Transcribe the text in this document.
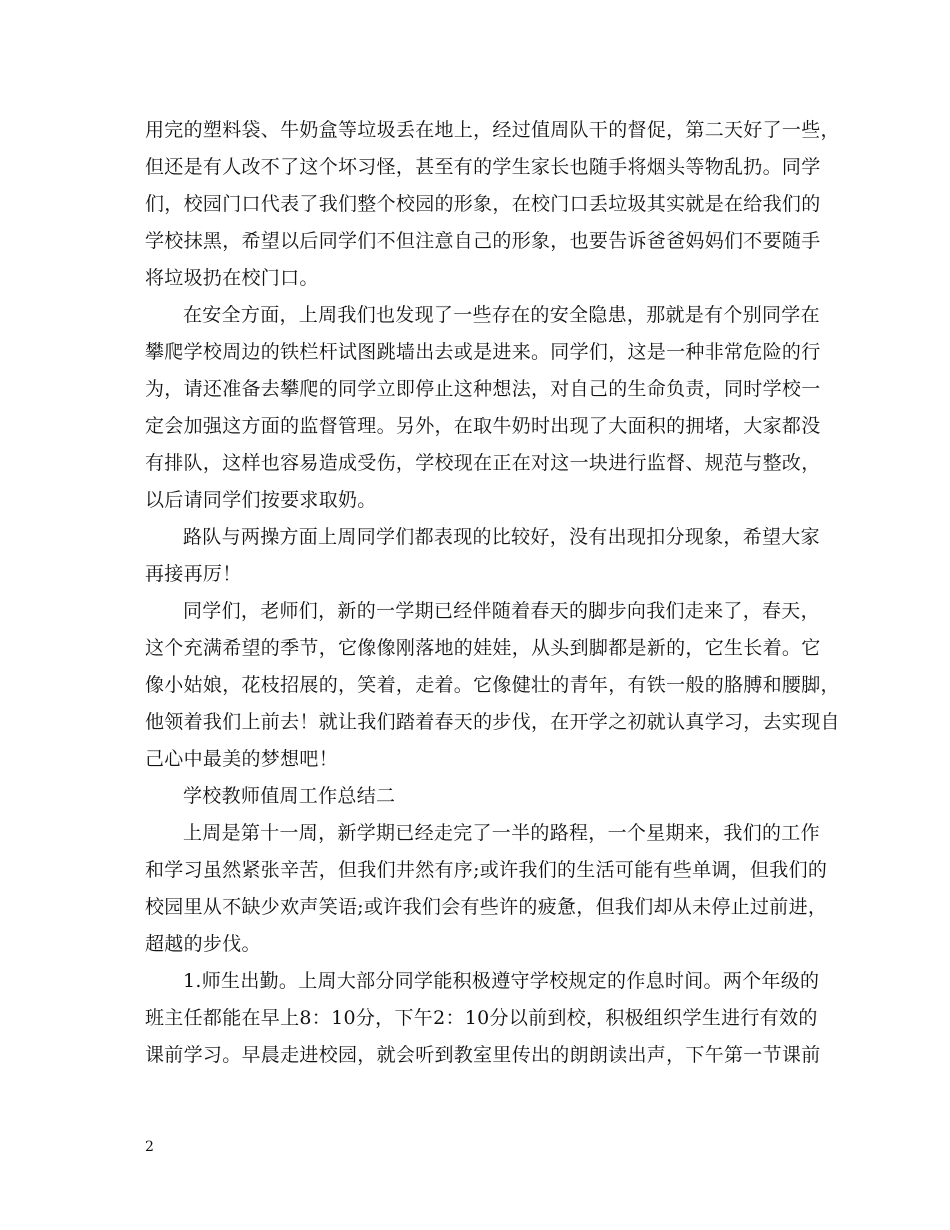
用完的塑料袋、牛奶盒等垃圾丢在地上，经过值周队干的督促，第二天好了一些，
但还是有人改不了这个坏习怪，甚至有的学生家长也随手将烟头等物乱扔。同学
们，校园门口代表了我们整个校园的形象，在校门口丢垃圾其实就是在给我们的
学校抹黑，希望以后同学们不但注意自己的形象，也要告诉爸爸妈妈们不要随手
将垃圾扔在校门口。
在安全方面，上周我们也发现了一些存在的安全隐患，那就是有个别同学在
攀爬学校周边的铁栏杆试图跳墙出去或是进来。同学们，这是一种非常危险的行
为，请还准备去攀爬的同学立即停止这种想法，对自己的生命负责，同时学校一
定会加强这方面的监督管理。另外，在取牛奶时出现了大面积的拥堵，大家都没
有排队，这样也容易造成受伤，学校现在正在对这一块进行监督、规范与整改，
以后请同学们按要求取奶。
路队与两操方面上周同学们都表现的比较好，没有出现扣分现象，希望大家
再接再厉！
同学们，老师们，新的一学期已经伴随着春天的脚步向我们走来了，春天，
这个充满希望的季节，它像像刚落地的娃娃，从头到脚都是新的，它生长着。它
像小姑娘，花枝招展的，笑着，走着。它像健壮的青年，有铁一般的胳膊和腰脚，
他领着我们上前去！就让我们踏着春天的步伐，在开学之初就认真学习，去实现自
己心中最美的梦想吧！
学校教师值周工作总结二
上周是第十一周，新学期已经走完了一半的路程，一个星期来，我们的工作
和学习虽然紧张辛苦，但我们井然有序;或许我们的生活可能有些单调，但我们的
校园里从不缺少欢声笑语;或许我们会有些许的疲惫，但我们却从未停止过前进，
超越的步伐。
1.师生出勤。上周大部分同学能积极遵守学校规定的作息时间。两个年级的
班主任都能在早上8：10分，下午2：10分以前到校，积极组织学生进行有效的
课前学习。早晨走进校园，就会听到教室里传出的朗朗读出声，下午第一节课前
2
